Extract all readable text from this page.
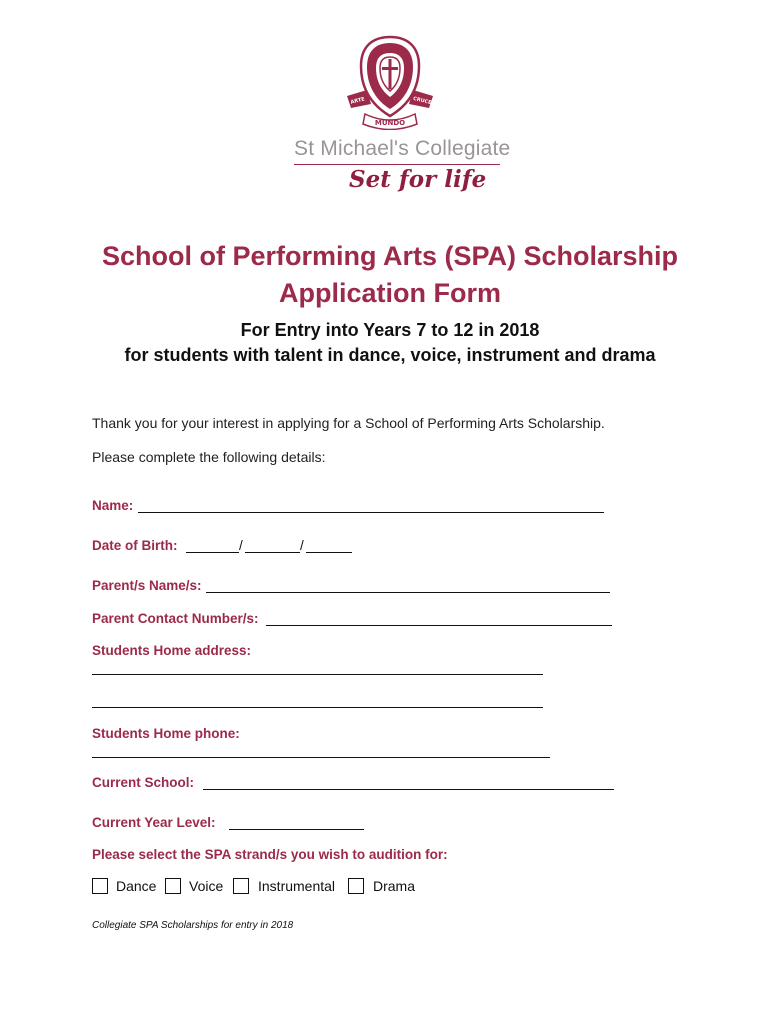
MUNDO
ARTE	CRUCE
St Michael's Collegiate
Set for life
School of Performing Arts (SPA) Scholarship
Application Form
For Entry into Years 7 to 12 in 2018
for students with talent in dance, voice, instrument and drama
Thank you for your interest in applying for a School of Performing Arts Scholarship.
Please complete the following details:
Name:
Date of Birth:	/	/
Parent/s Name/s:
Parent Contact Number/s:
Students Home address:
Students Home phone:
Current School:
Current Year Level:
Please select the SPA strand/s you wish to audition for:
Dance Voice Instrumental	Drama
Collegiate SPA Scholarships for entry in 2018
